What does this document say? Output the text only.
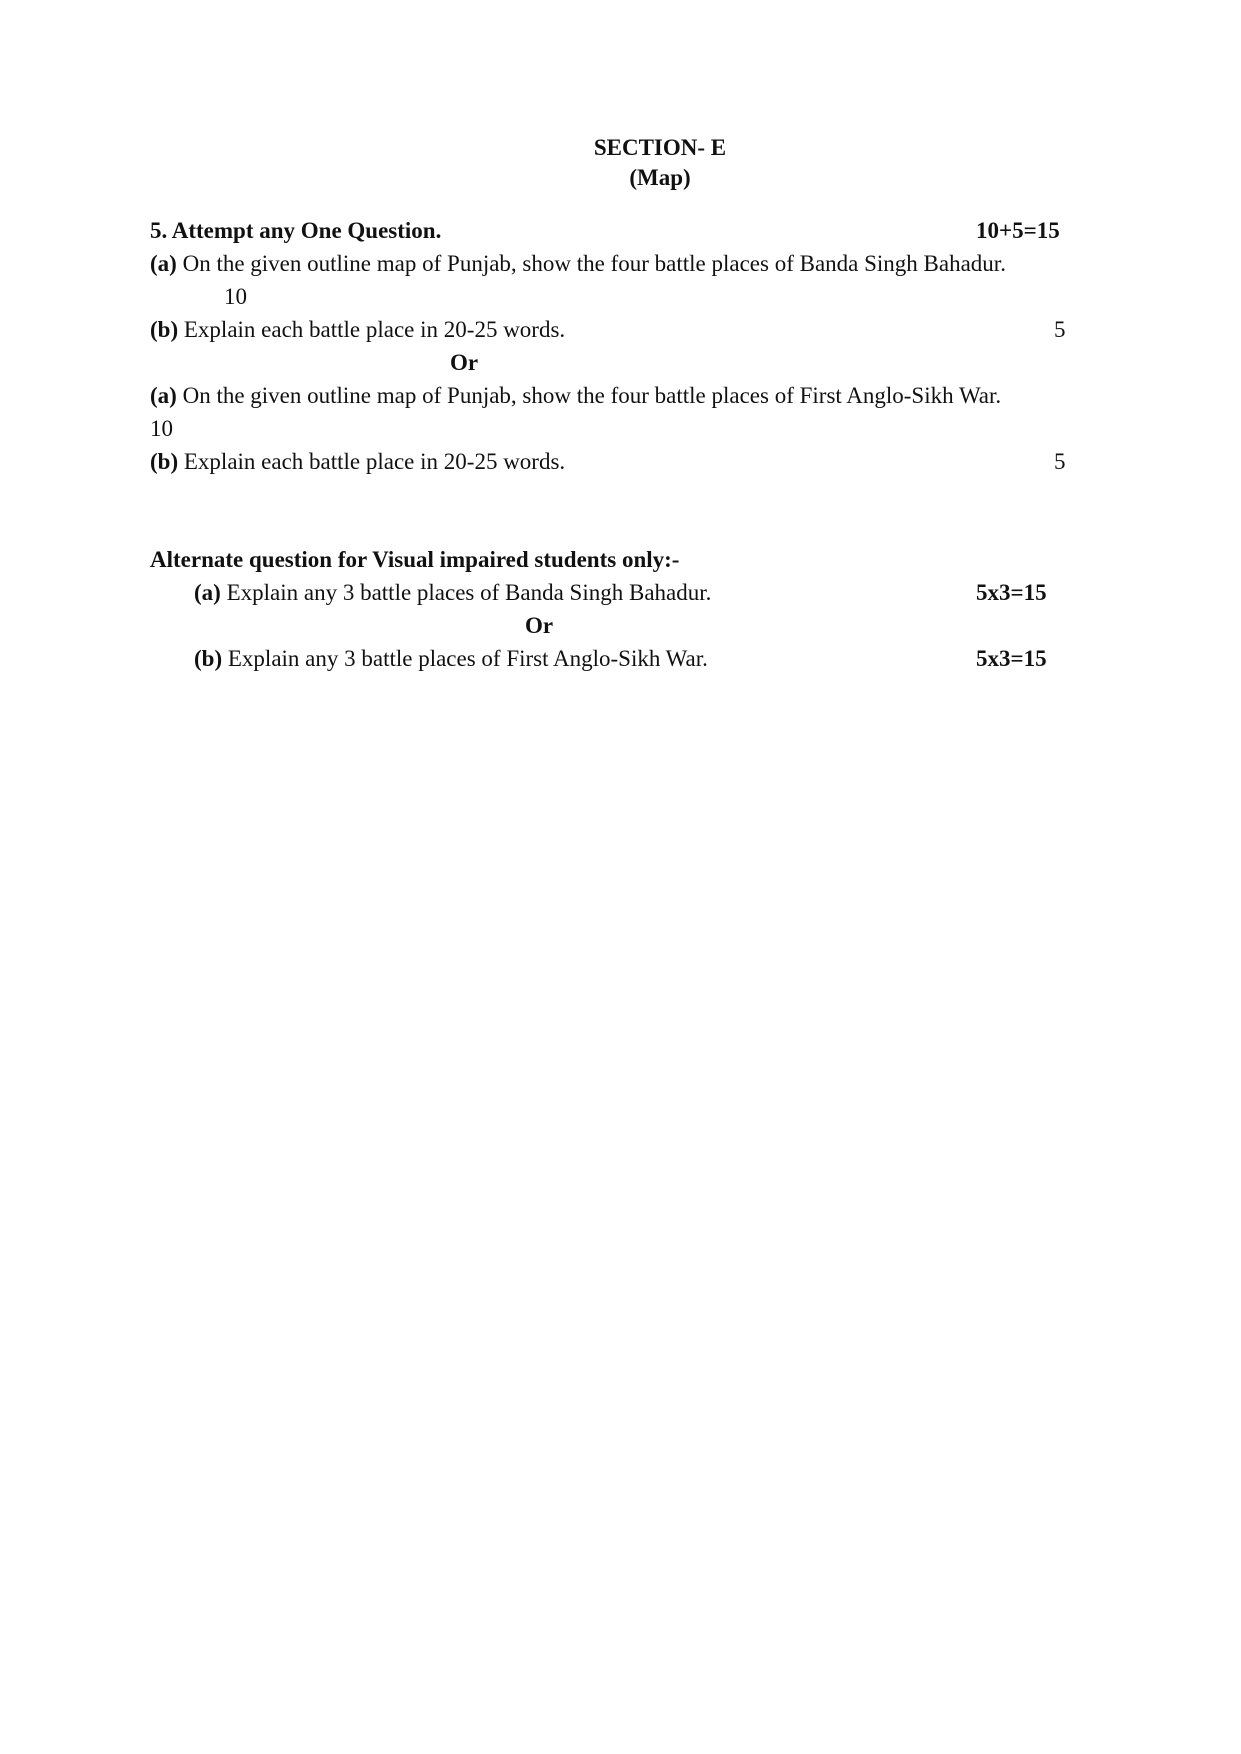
SECTION- E
(Map)
5. Attempt any One Question.	10+5=15
(a) On the given outline map of Punjab, show the four battle places of Banda Singh Bahadur.
10
(b) Explain each battle place in 20-25 words.	5
Or
(a) On the given outline map of Punjab, show the four battle places of First Anglo-Sikh War.
10
(b) Explain each battle place in 20-25 words.	5
Alternate question for Visual impaired students only:-
(a) Explain any 3 battle places of Banda Singh Bahadur.	5x3=15
Or
(b) Explain any 3 battle places of First Anglo-Sikh War.	5x3=15
